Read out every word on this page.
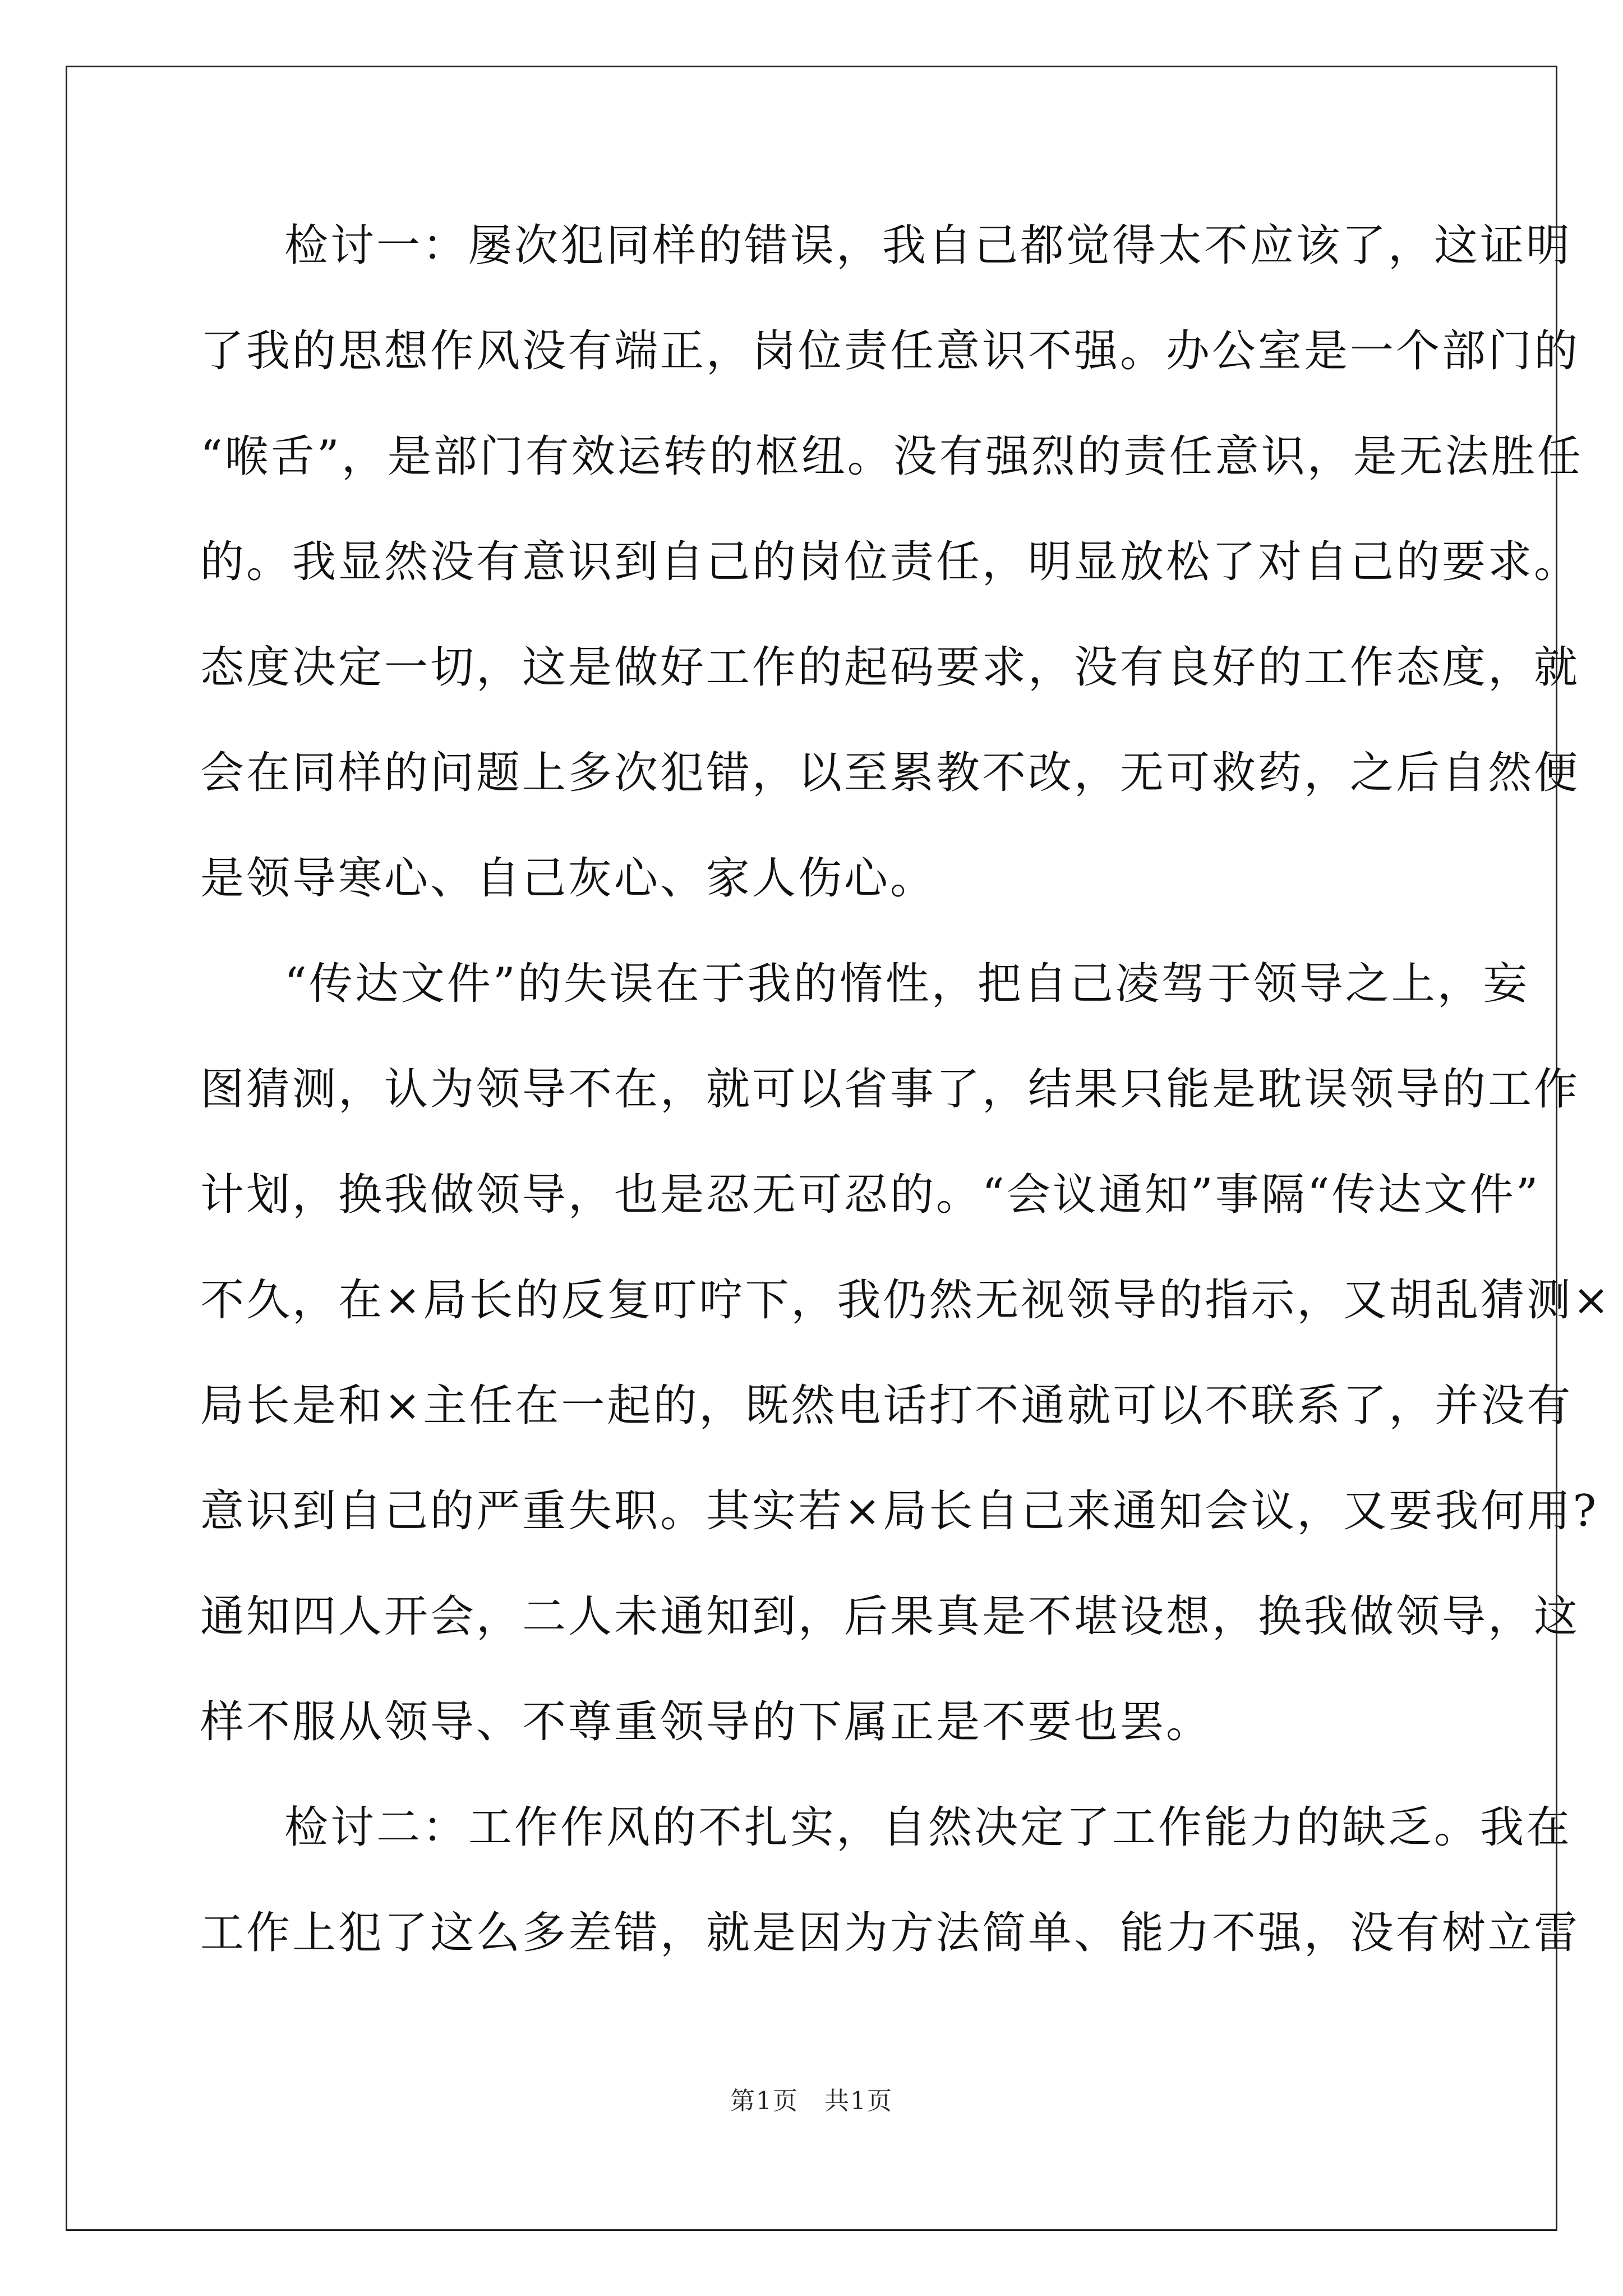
检讨一：屡次犯同样的错误，我自己都觉得太不应该了，这证明
了我的思想作风没有端正，岗位责任意识不强。办公室是一个部门的
“喉舌”，是部门有效运转的枢纽。没有强烈的责任意识，是无法胜任
的。我显然没有意识到自己的岗位责任，明显放松了对自己的要求。
态度决定一切，这是做好工作的起码要求，没有良好的工作态度，就
会在同样的问题上多次犯错，以至累教不改，无可救药，之后自然便
是领导寒心、自己灰心、家人伤心。
“传达文件”的失误在于我的惰性，把自己凌驾于领导之上，妄
图猜测，认为领导不在，就可以省事了，结果只能是耽误领导的工作
计划，换我做领导，也是忍无可忍的。“会议通知”事隔“传达文件”
不久，在×局长的反复叮咛下，我仍然无视领导的指示，又胡乱猜测×
局长是和×主任在一起的，既然电话打不通就可以不联系了，并没有
意识到自己的严重失职。其实若×局长自己来通知会议，又要我何用?
通知四人开会，二人未通知到，后果真是不堪设想，换我做领导，这
样不服从领导、不尊重领导的下属正是不要也罢。
检讨二：工作作风的不扎实，自然决定了工作能力的缺乏。我在
工作上犯了这么多差错，就是因为方法简单、能力不强，没有树立雷
第1页　共1页
